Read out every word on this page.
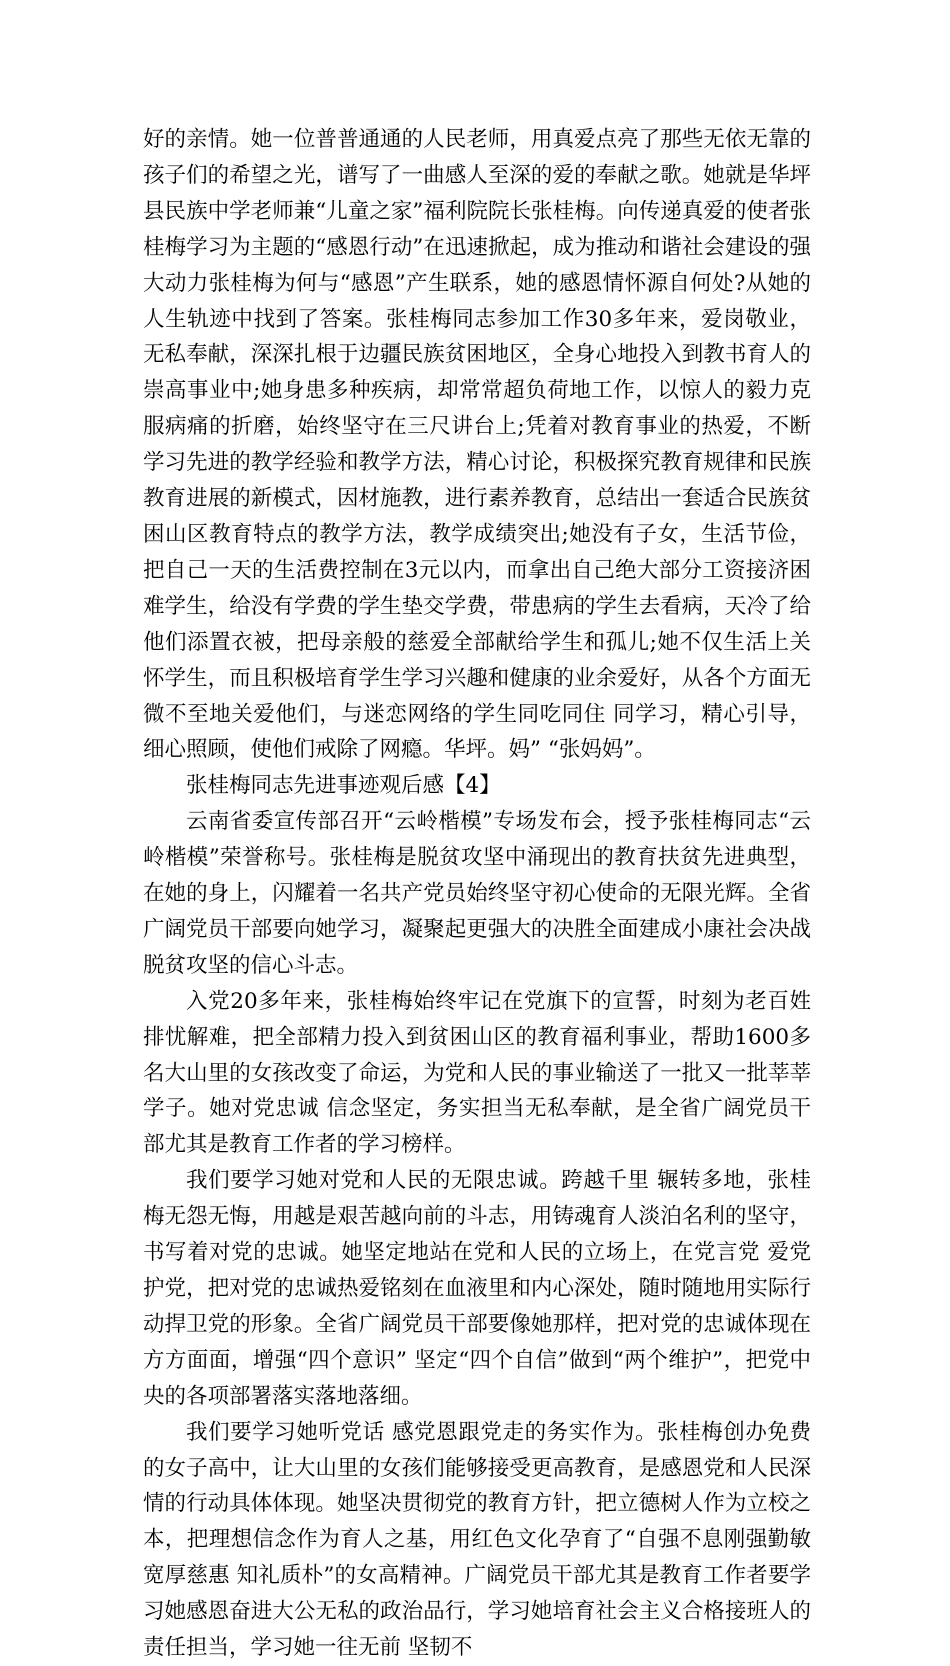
好的亲情。她一位普普通通的人民老师，用真爱点亮了那些无依无靠的孩子们的希望之光，谱写了一曲感人至深的爱的奉献之歌。她就是华坪县民族中学老师兼“儿童之家”福利院院长张桂梅。向传递真爱的使者张桂梅学习为主题的“感恩行动”在迅速掀起，成为推动和谐社会建设的强大动力张桂梅为何与“感恩”产生联系，她的感恩情怀源自何处?从她的人生轨迹中找到了答案。张桂梅同志参加工作30多年来，爱岗敬业，无私奉献，深深扎根于边疆民族贫困地区，全身心地投入到教书育人的崇高事业中;她身患多种疾病，却常常超负荷地工作，以惊人的毅力克服病痛的折磨，始终坚守在三尺讲台上;凭着对教育事业的热爱，不断学习先进的教学经验和教学方法，精心讨论，积极探究教育规律和民族教育进展的新模式，因材施教，进行素养教育，总结出一套适合民族贫困山区教育特点的教学方法，教学成绩突出;她没有子女，生活节俭，把自己一天的生活费控制在3元以内，而拿出自己绝大部分工资接济困难学生，给没有学费的学生垫交学费，带患病的学生去看病，天冷了给他们添置衣被，把母亲般的慈爱全部献给学生和孤儿;她不仅生活上关怀学生，而且积极培育学生学习兴趣和健康的业余爱好，从各个方面无微不至地关爱他们，与迷恋网络的学生同吃同住 同学习，精心引导，细心照顾，使他们戒除了网瘾。华坪。妈” “张妈妈”。

张桂梅同志先进事迹观后感【4】

云南省委宣传部召开“云岭楷模”专场发布会，授予张桂梅同志“云岭楷模”荣誉称号。张桂梅是脱贫攻坚中涌现出的教育扶贫先进典型，在她的身上，闪耀着一名共产党员始终坚守初心使命的无限光辉。全省广阔党员干部要向她学习，凝聚起更强大的决胜全面建成小康社会决战脱贫攻坚的信心斗志。

入党20多年来，张桂梅始终牢记在党旗下的宣誓，时刻为老百姓排忧解难，把全部精力投入到贫困山区的教育福利事业，帮助1600多名大山里的女孩改变了命运，为党和人民的事业输送了一批又一批莘莘学子。她对党忠诚 信念坚定，务实担当无私奉献，是全省广阔党员干部尤其是教育工作者的学习榜样。

我们要学习她对党和人民的无限忠诚。跨越千里 辗转多地，张桂梅无怨无悔，用越是艰苦越向前的斗志，用铸魂育人淡泊名利的坚守，书写着对党的忠诚。她坚定地站在党和人民的立场上，在党言党 爱党护党，把对党的忠诚热爱铭刻在血液里和内心深处，随时随地用实际行动捍卫党的形象。全省广阔党员干部要像她那样，把对党的忠诚体现在方方面面，增强“四个意识” 坚定“四个自信”做到“两个维护”，把党中央的各项部署落实落地落细。

我们要学习她听党话 感党恩跟党走的务实作为。张桂梅创办免费的女子高中，让大山里的女孩们能够接受更高教育，是感恩党和人民深情的行动具体体现。她坚决贯彻党的教育方针，把立德树人作为立校之本，把理想信念作为育人之基，用红色文化孕育了“自强不息刚强勤敏 宽厚慈惠 知礼质朴”的女高精神。广阔党员干部尤其是教育工作者要学习她感恩奋进大公无私的政治品行，学习她培育社会主义合格接班人的责任担当，学习她一往无前 坚韧不
